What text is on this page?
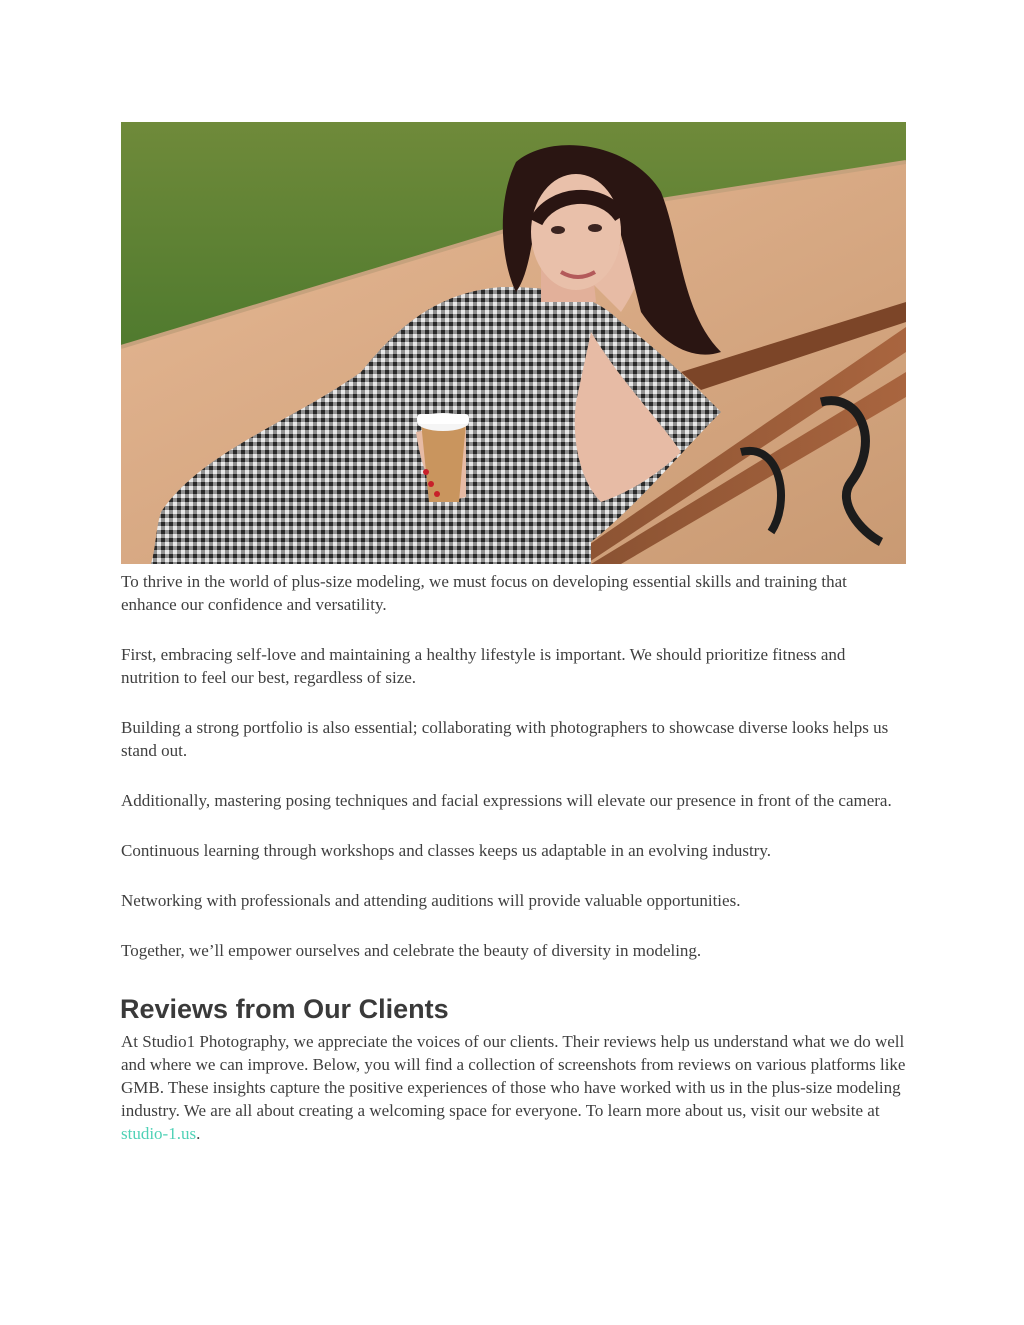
To thrive in the world of plus-size modeling, we must focus on developing essential skills and training that enhance our confidence and versatility.

First, embracing self-love and maintaining a healthy lifestyle is important. We should prioritize fitness and nutrition to feel our best, regardless of size.

Building a strong portfolio is also essential; collaborating with photographers to showcase diverse looks helps us stand out.

Additionally, mastering posing techniques and facial expressions will elevate our presence in front of the camera.

Continuous learning through workshops and classes keeps us adaptable in an evolving industry.

Networking with professionals and attending auditions will provide valuable opportunities.

Together, we’ll empower ourselves and celebrate the beauty of diversity in modeling.

Reviews from Our Clients

At Studio1 Photography, we appreciate the voices of our clients. Their reviews help us understand what we do well and where we can improve. Below, you will find a collection of screenshots from reviews on various platforms like GMB. These insights capture the positive experiences of those who have worked with us in the plus-size modeling industry. We are all about creating a welcoming space for everyone. To learn more about us, visit our website at studio-1.us.
